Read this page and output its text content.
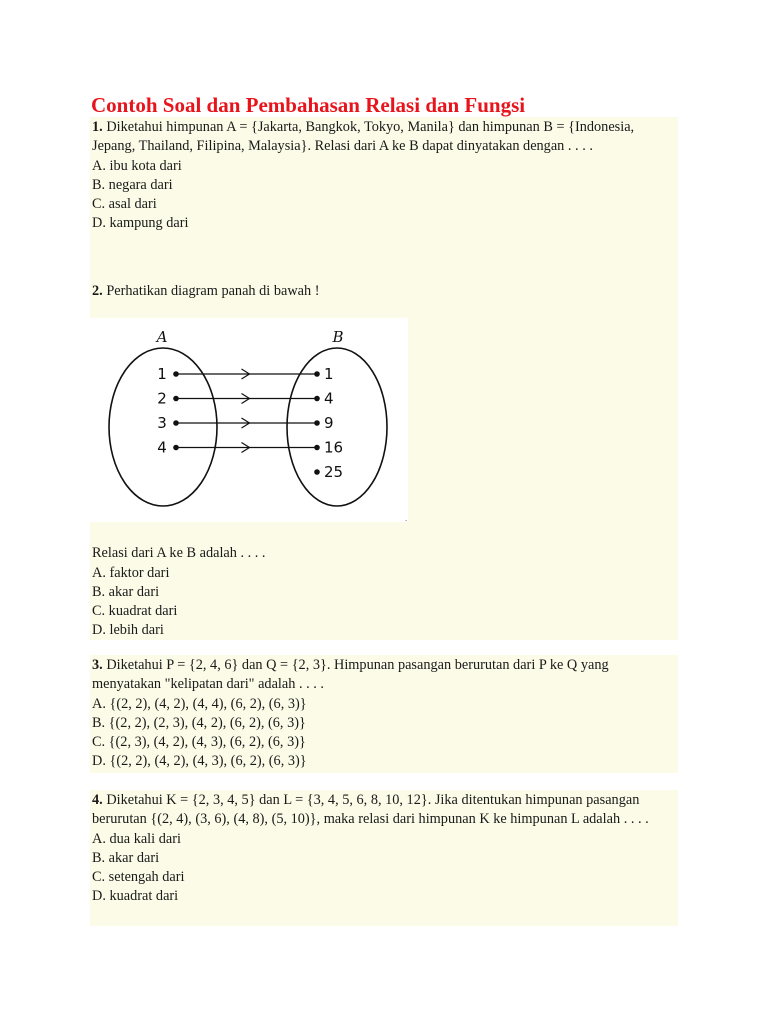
Contoh Soal dan Pembahasan Relasi dan Fungsi

1. Diketahui himpunan A = {Jakarta, Bangkok, Tokyo, Manila} dan himpunan B = {Indonesia, Jepang, Thailand, Filipina, Malaysia}. Relasi dari A ke B dapat dinyatakan dengan . . . .

A. ibu kota dari

B. negara dari

C. asal dari

D. kampung dari

2. Perhatikan diagram panah di bawah !

Relasi dari A ke B adalah . . . .

A. faktor dari

B. akar dari

C. kuadrat dari

D. lebih dari

A	B
1
2
3
4
1
4
9
16
25
.

3. Diketahui P = {2, 4, 6} dan Q = {2, 3}. Himpunan pasangan berurutan dari P ke Q yang menyatakan "kelipatan dari" adalah . . . .

A. {(2, 2), (4, 2), (4, 4), (6, 2), (6, 3)}

B. {(2, 2), (2, 3), (4, 2), (6, 2), (6, 3)}

C. {(2, 3), (4, 2), (4, 3), (6, 2), (6, 3)}

D. {(2, 2), (4, 2), (4, 3), (6, 2), (6, 3)}

4. Diketahui K = {2, 3, 4, 5} dan L = {3, 4, 5, 6, 8, 10, 12}. Jika ditentukan himpunan pasangan berurutan {(2, 4), (3, 6), (4, 8), (5, 10)}, maka relasi dari himpunan K ke himpunan L adalah . . . .

A. dua kali dari

B. akar dari

C. setengah dari

D. kuadrat dari
